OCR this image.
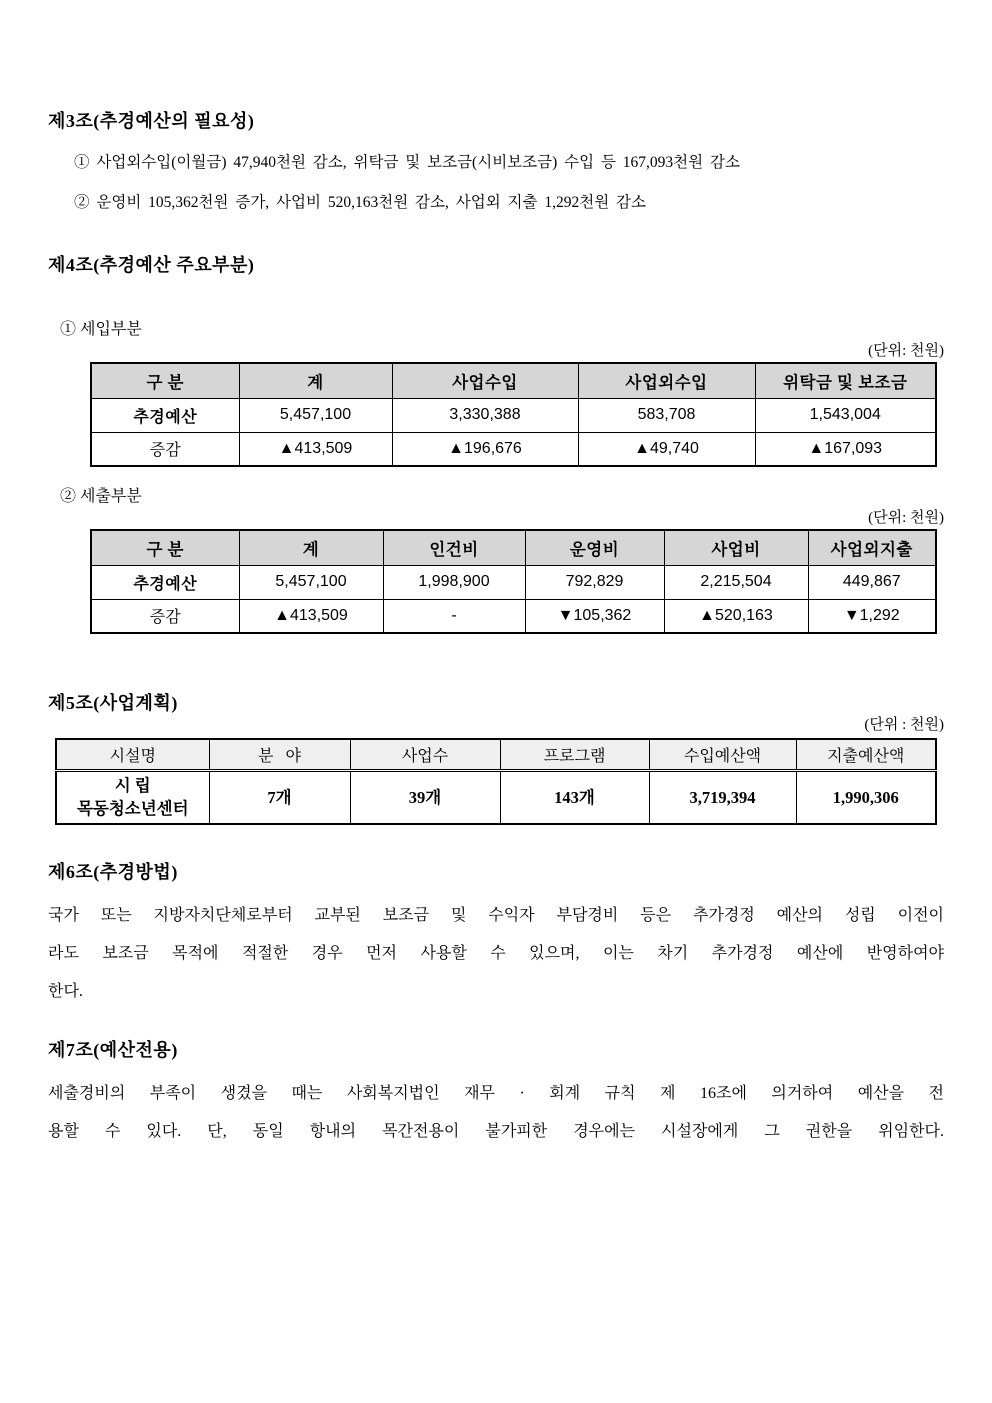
제3조(추경예산의 필요성)
① 사업외수입(이월금) 47,940천원 감소, 위탁금 및 보조금(시비보조금) 수입 등 167,093천원 감소
② 운영비 105,362천원 증가, 사업비 520,163천원 감소, 사업외 지출 1,292천원 감소
제4조(추경예산 주요부분)
① 세입부분
(단위: 천원)
구 분	계	사업수입	사업외수입	위탁금 및 보조금
추경예산	5,457,100	3,330,388	583,708	1,543,004
증감	▲413,509	▲196,676	▲49,740	▲167,093
② 세출부분
(단위: 천원)
구 분	계	인건비	운영비	사업비	사업외지출
추경예산	5,457,100	1,998,900	792,829	2,215,504	449,867
증감	▲413,509	-	▼105,362	▲520,163	▼1,292
제5조(사업계획)
(단위 : 천원)
시설명	분   야	사업수	프로그램	수입예산액	지출예산액

시 립
목동청소년센터	7개	39개	143개	3,719,394	1,990,306
제6조(추경방법)
국가 또는 지방자치단체로부터 교부된 보조금 및 수익자 부담경비 등은 추가경정 예산의 성립 이전이
라도 보조금 목적에 적절한 경우 먼저 사용할 수 있으며, 이는 차기 추가경정 예산에 반영하여야
한다.
제7조(예산전용)
세출경비의 부족이 생겼을 때는 사회복지법인 재무 · 회계 규칙 제 16조에 의거하여 예산을 전
용할 수 있다. 단, 동일 항내의 목간전용이 불가피한 경우에는 시설장에게 그 권한을 위임한다.
